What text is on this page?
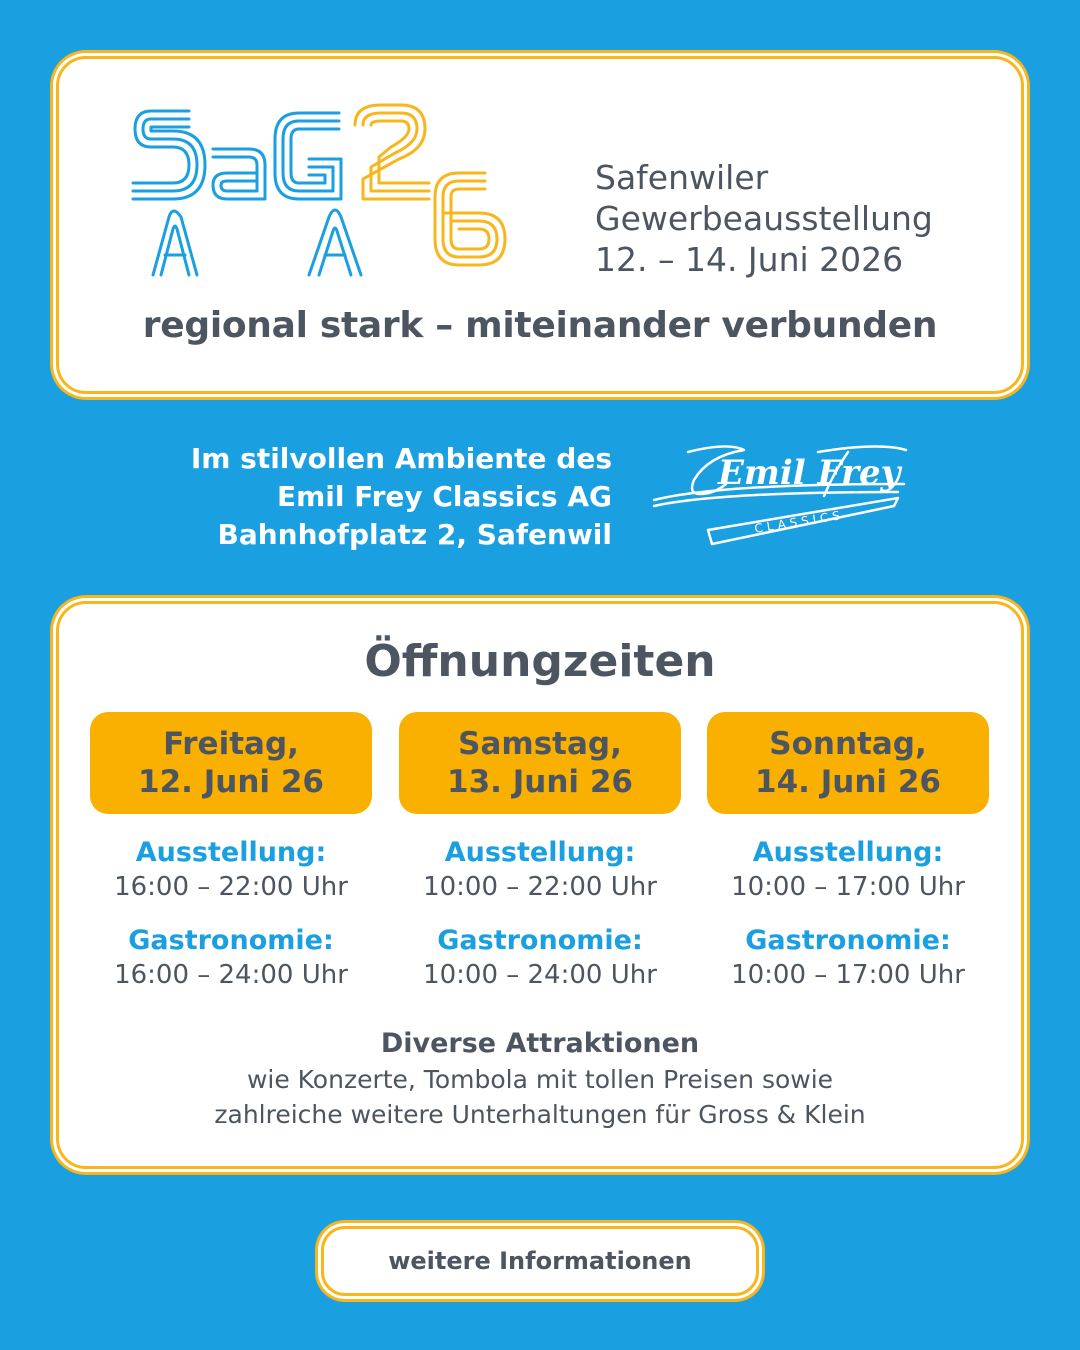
Safenwiler
Gewerbeausstellung
12. – 14. Juni 2026
regional stark – miteinander verbunden
Im stilvollen Ambiente des
Emil Frey Classics AG
Bahnhofplatz 2, Safenwil
Emil Frey
CLASSICS
Öffnungzeiten
Freitag,
12. Juni 26
Ausstellung:
16:00 – 22:00 Uhr
Gastronomie:
16:00 – 24:00 Uhr
Samstag,
13. Juni 26
Ausstellung:
10:00 – 22:00 Uhr
Gastronomie:
10:00 – 24:00 Uhr
Sonntag,
14. Juni 26
Ausstellung:
10:00 – 17:00 Uhr
Gastronomie:
10:00 – 17:00 Uhr
Diverse Attraktionen
wie Konzerte, Tombola mit tollen Preisen sowie
zahlreiche weitere Unterhaltungen für Gross & Klein
weitere Informationen
